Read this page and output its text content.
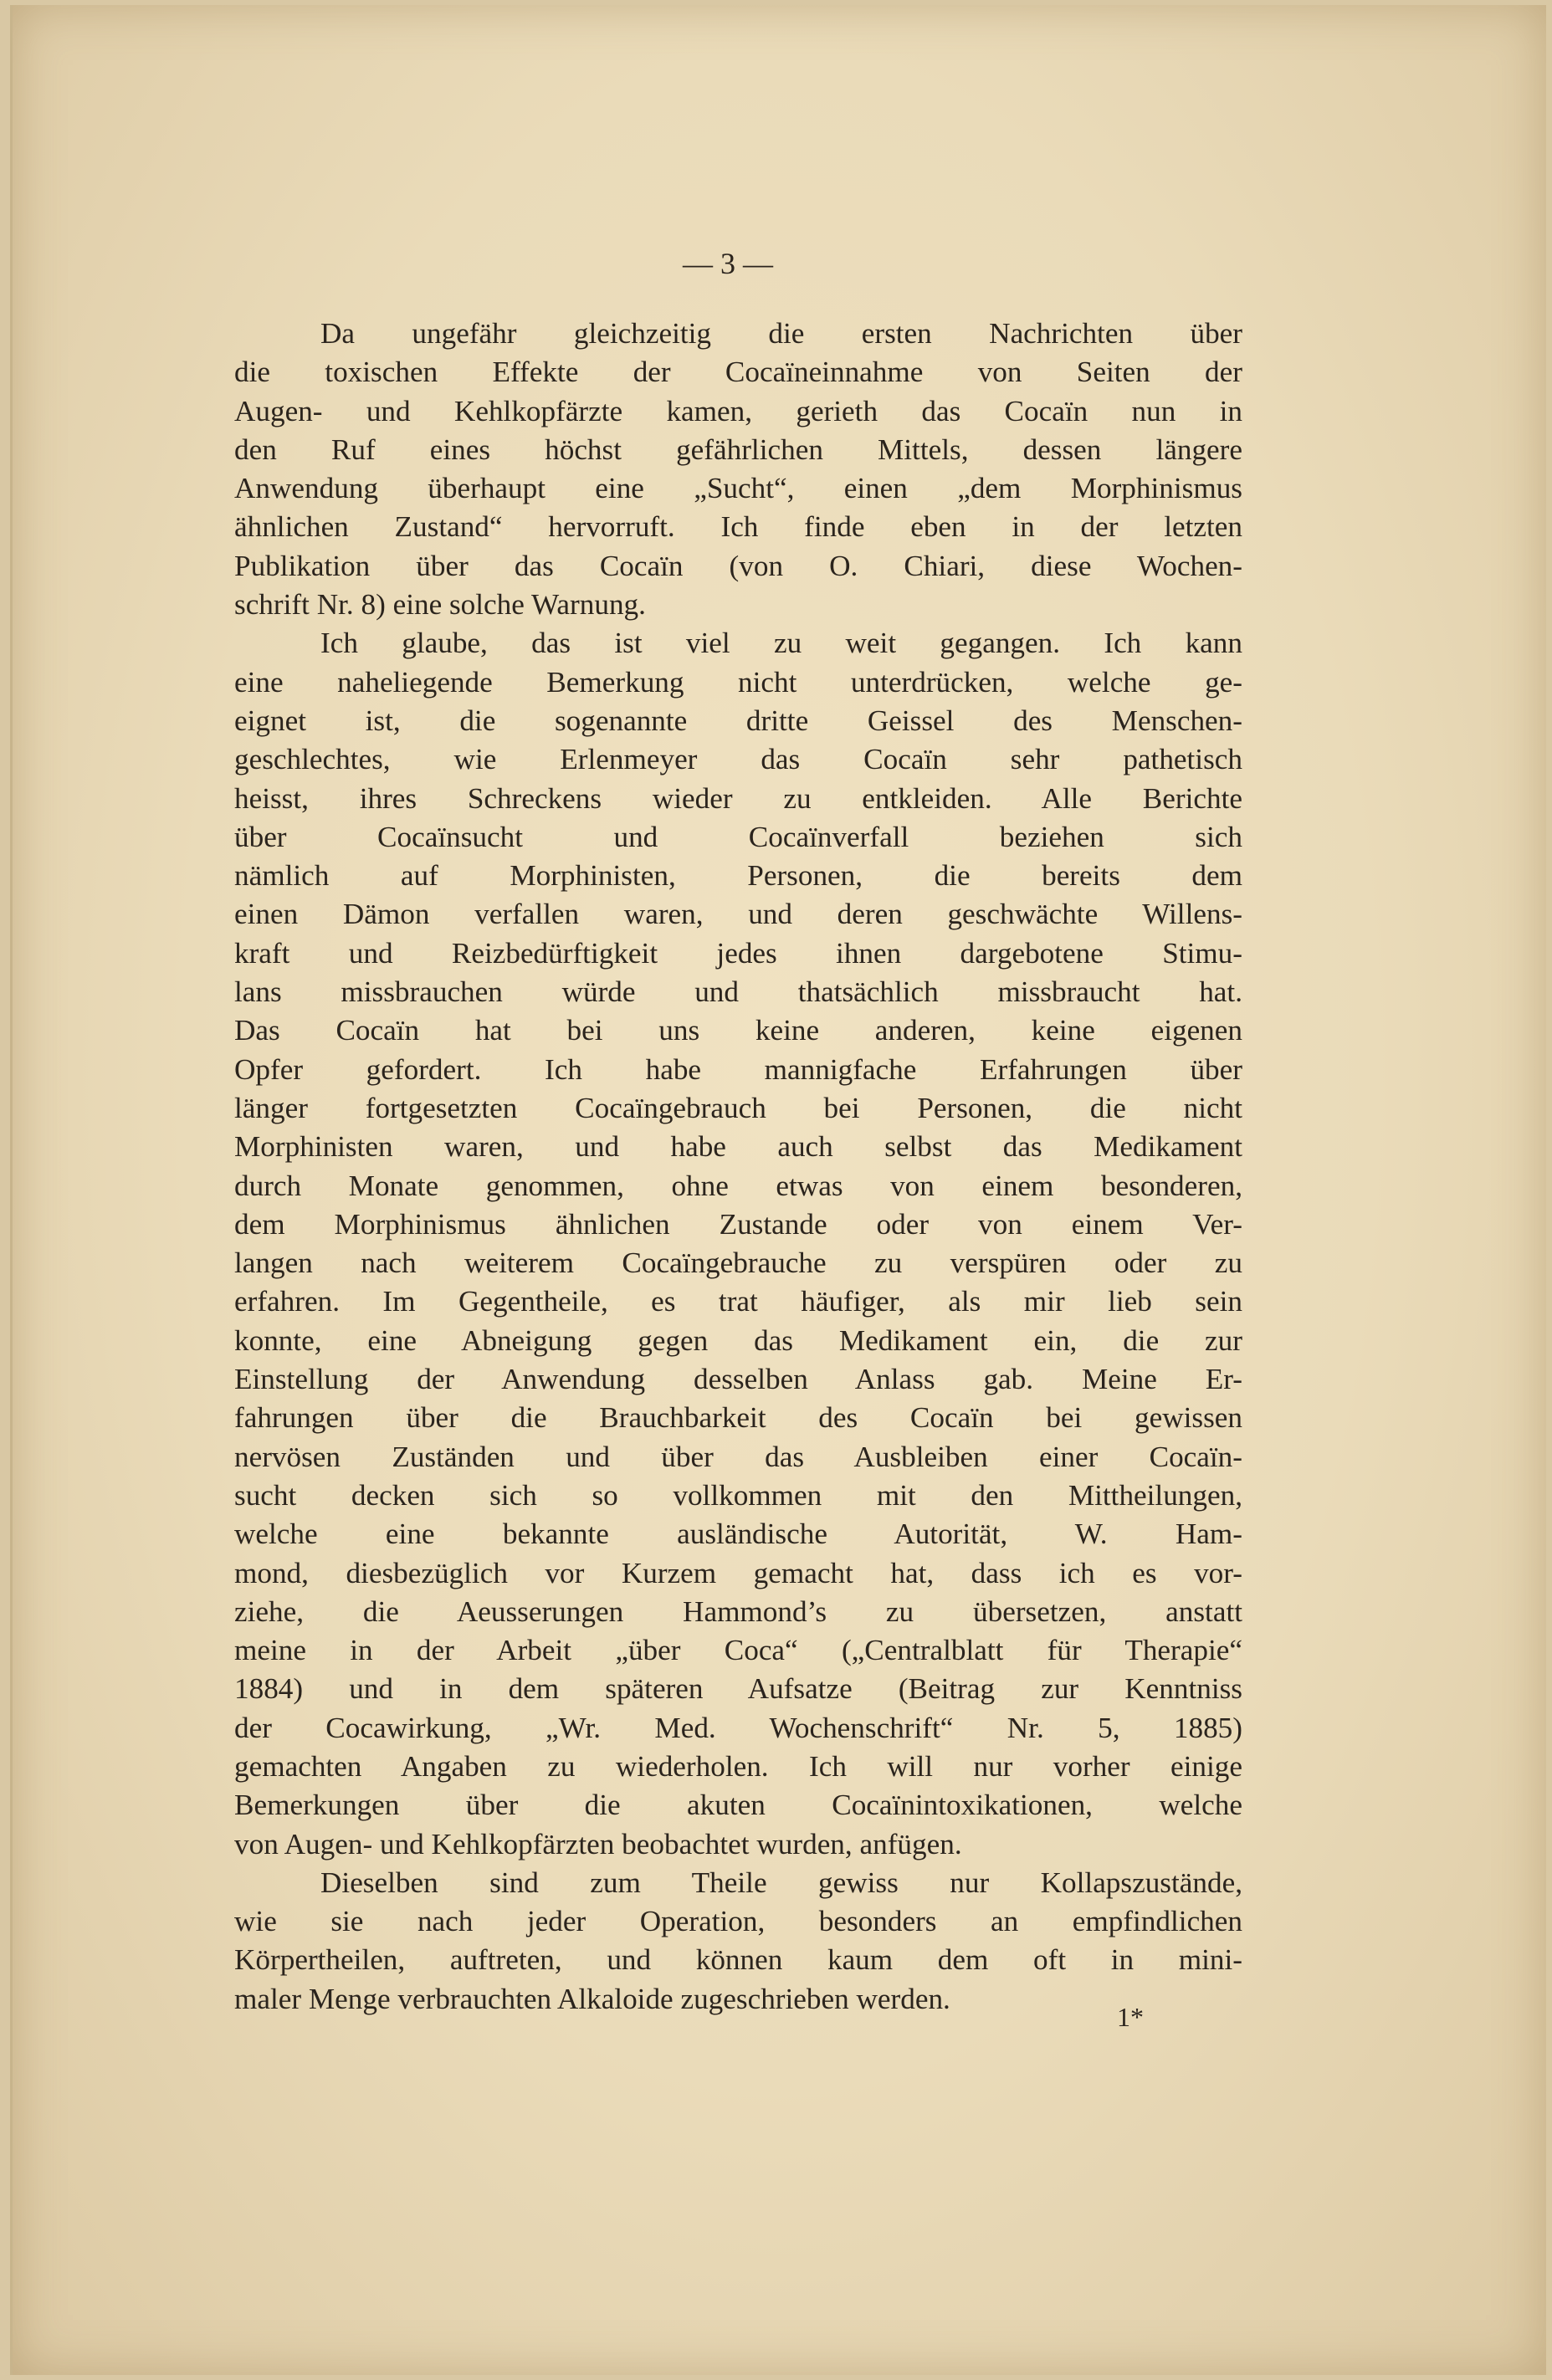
— 3 —
Da ungefähr gleichzeitig die ersten Nachrichten über
die toxischen Effekte der Cocaïneinnahme von Seiten der
Augen- und Kehlkopfärzte kamen, gerieth das Cocaïn nun in
den Ruf eines höchst gefährlichen Mittels, dessen längere
Anwendung überhaupt eine „Sucht“, einen „dem Morphinismus
ähnlichen Zustand“ hervorruft. Ich finde eben in der letzten
Publikation über das Cocaïn (von O. Chiari, diese Wochen-
schrift Nr. 8) eine solche Warnung.
Ich glaube, das ist viel zu weit gegangen. Ich kann
eine naheliegende Bemerkung nicht unterdrücken, welche ge-
eignet ist, die sogenannte dritte Geissel des Menschen-
geschlechtes, wie Erlenmeyer das Cocaïn sehr pathetisch
heisst, ihres Schreckens wieder zu entkleiden. Alle Berichte
über Cocaïnsucht und Cocaïnverfall beziehen sich
nämlich auf Morphinisten, Personen, die bereits dem
einen Dämon verfallen waren, und deren geschwächte Willens-
kraft und Reizbedürftigkeit jedes ihnen dargebotene Stimu-
lans missbrauchen würde und thatsächlich missbraucht hat.
Das Cocaïn hat bei uns keine anderen, keine eigenen
Opfer gefordert. Ich habe mannigfache Erfahrungen über
länger fortgesetzten Cocaïngebrauch bei Personen, die nicht
Morphinisten waren, und habe auch selbst das Medikament
durch Monate genommen, ohne etwas von einem besonderen,
dem Morphinismus ähnlichen Zustande oder von einem Ver-
langen nach weiterem Cocaïngebrauche zu verspüren oder zu
erfahren. Im Gegentheile, es trat häufiger, als mir lieb sein
konnte, eine Abneigung gegen das Medikament ein, die zur
Einstellung der Anwendung desselben Anlass gab. Meine Er-
fahrungen über die Brauchbarkeit des Cocaïn bei gewissen
nervösen Zuständen und über das Ausbleiben einer Cocaïn-
sucht decken sich so vollkommen mit den Mittheilungen,
welche eine bekannte ausländische Autorität, W. Ham-
mond, diesbezüglich vor Kurzem gemacht hat, dass ich es vor-
ziehe, die Aeusserungen Hammond’s zu übersetzen, anstatt
meine in der Arbeit „über Coca“ („Centralblatt für Therapie“
1884) und in dem späteren Aufsatze (Beitrag zur Kenntniss
der Cocawirkung, „Wr. Med. Wochenschrift“ Nr. 5, 1885)
gemachten Angaben zu wiederholen. Ich will nur vorher einige
Bemerkungen über die akuten Cocaïnintoxikationen, welche
von Augen- und Kehlkopfärzten beobachtet wurden, anfügen.
Dieselben sind zum Theile gewiss nur Kollapszustände,
wie sie nach jeder Operation, besonders an empfindlichen
Körpertheilen, auftreten, und können kaum dem oft in mini-
maler Menge verbrauchten Alkaloide zugeschrieben werden.
1*
